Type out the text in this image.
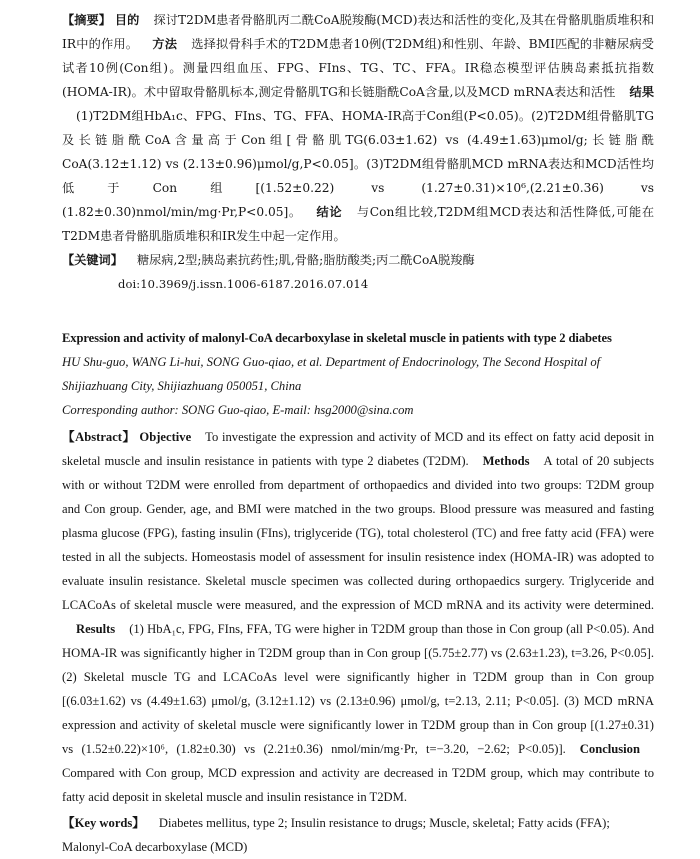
【摘要】 目的 探讨T2DM患者骨骼肌丙二酰CoA脱羧酶(MCD)表达和活性的变化,及其在骨骼肌脂质堆积和IR中的作用。 方法 选择拟骨科手术的T2DM患者10例(T2DM组)和性别、年龄、BMI匹配的非糖尿病受试者10例(Con组)。测量四组血压、FPG、FIns、TG、TC、FFA。IR稳态模型评估胰岛素抵抗指数(HOMA-IR)。术中留取骨骼肌标本,测定骨骼肌TG和长链脂酰CoA含量,以及MCD mRNA表达和活性 结果(1)T2DM组HbA₁c、FPG、FIns、TG、FFA、HOMA-IR高于Con组(P<0.05)。(2)T2DM组骨骼肌TG及长链脂酰CoA含量高于Con组[骨骼肌TG(6.03±1.62) vs (4.49±1.63)μmol/g;长链脂酰CoA(3.12±1.12) vs (2.13±0.96)μmol/g,P<0.05]。(3)T2DM组骨骼肌MCD mRNA表达和MCD活性均低于Con组[(1.52±0.22) vs (1.27±0.31)×10⁶,(2.21±0.36) vs (1.82±0.30)nmol/min/mg·Pr,P<0.05]。 结论 与Con组比较,T2DM组MCD表达和活性降低,可能在T2DM患者骨骼肌脂质堆积和IR发生中起一定作用。

【关键词】 糖尿病,2型;胰岛素抗药性;肌,骨骼;脂肪酸类;丙二酰CoA脱羧酶

doi:10.3969/j.issn.1006-6187.2016.07.014

Expression and activity of malonyl-CoA decarboxylase in skeletal muscle in patients with type 2 diabetes

HU Shu-guo, WANG Li-hui, SONG Guo-qiao, et al. Department of Endocrinology, The Second Hospital of Shijiazhuang City, Shijiazhuang 050051, China

Corresponding author: SONG Guo-qiao, E-mail: hsg2000@sina.com

【Abstract】 Objective To investigate the expression and activity of MCD and its effect on fatty acid deposit in skeletal muscle and insulin resistance in patients with type 2 diabetes (T2DM). Methods A total of 20 subjects with or without T2DM were enrolled from department of orthopaedics and divided into two groups: T2DM group and Con group. Gender, age, and BMI were matched in the two groups. Blood pressure was measured and fasting plasma glucose (FPG), fasting insulin (FIns), triglyceride (TG), total cholesterol (TC) and free fatty acid (FFA) were tested in all the subjects. Homeostasis model of assessment for insulin resistence index (HOMA-IR) was adopted to evaluate insulin resistance. Skeletal muscle specimen was collected during orthopaedics surgery. Triglyceride and LCACoAs of skeletal muscle were measured, and the expression of MCD mRNA and its activity were determined.Results (1) HbA₁c, FPG, FIns, FFA, TG were higher in T2DM group than those in Con group (all P<0.05). And HOMA-IR was significantly higher in T2DM group than in Con group [(5.75±2.77) vs (2.63±1.23), t=3.26, P<0.05]. (2) Skeletal muscle TG and LCACoAs level were significantly higher in T2DM group than in Con group [(6.03±1.62) vs (4.49±1.63) μmol/g, (3.12±1.12) vs (2.13±0.96) μmol/g, t=2.13, 2.11; P<0.05]. (3) MCD mRNA expression and activity of skeletal muscle were significantly lower in T2DM group than in Con group [(1.27±0.31) vs (1.52±0.22)×10⁶, (1.82±0.30) vs (2.21±0.36) nmol/min/mg·Pr, t=−3.20, −2.62; P<0.05)]. ConclusionCompared with Con group, MCD expression and activity are decreased in T2DM group, which may contribute to fatty acid deposit in skeletal muscle and insulin resistance in T2DM.

【Key words】 Diabetes mellitus, type 2; Insulin resistance to drugs; Muscle, skeletal; Fatty acids (FFA); Malonyl-CoA decarboxylase (MCD)
